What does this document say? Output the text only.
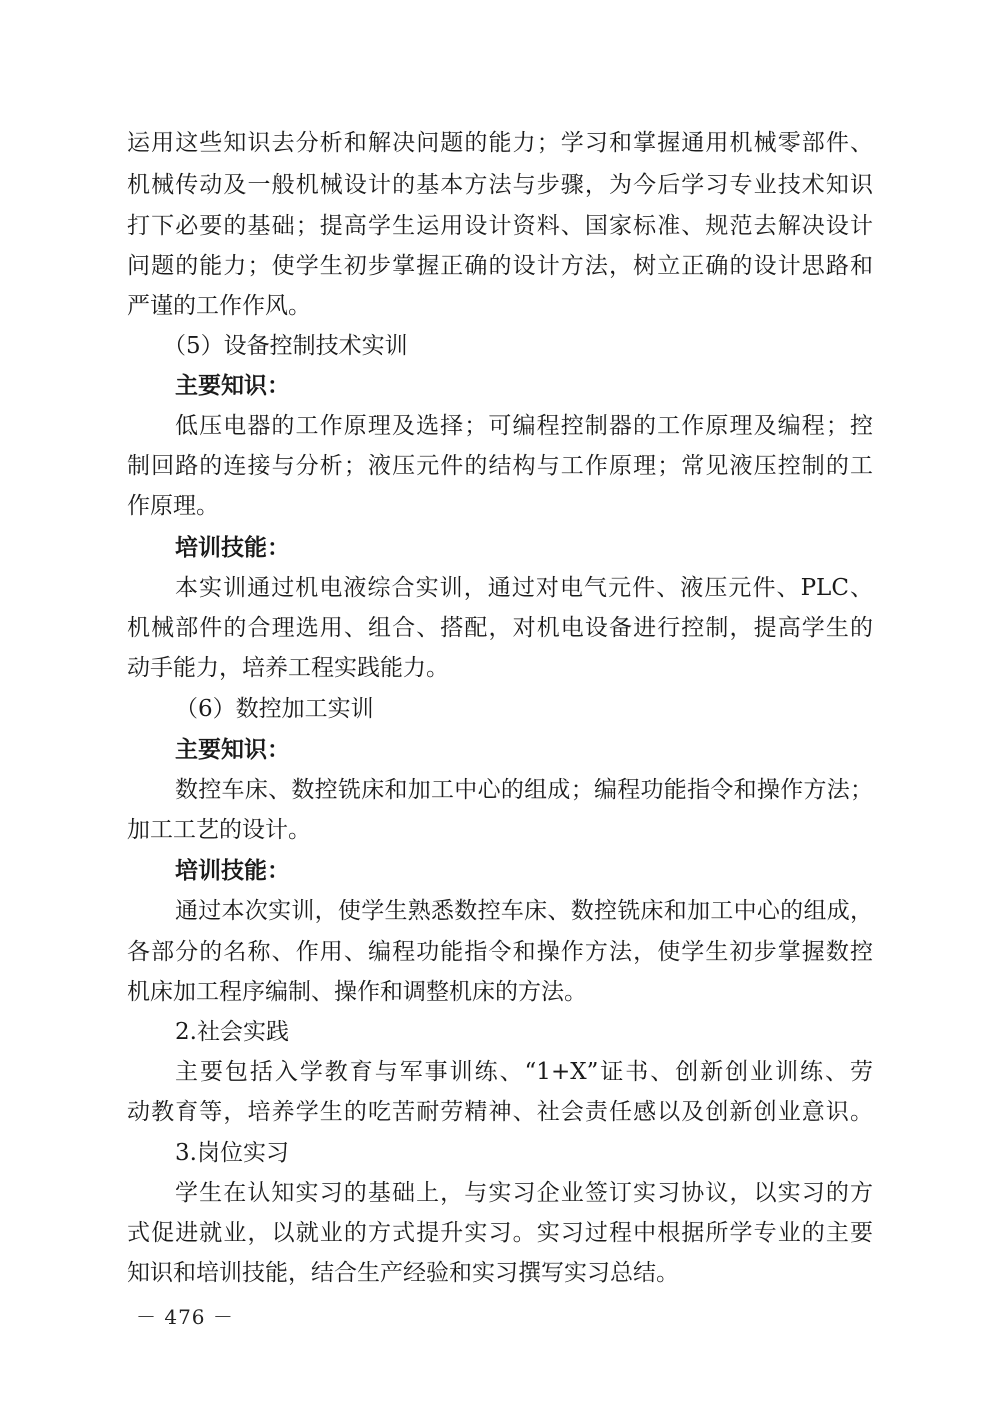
运用这些知识去分析和解决问题的能力；学习和掌握通用机械零部件、
机械传动及一般机械设计的基本方法与步骤，为今后学习专业技术知识
打下必要的基础；提高学生运用设计资料、国家标准、规范去解决设计
问题的能力；使学生初步掌握正确的设计方法，树立正确的设计思路和
严谨的工作作风。
（5）设备控制技术实训
主要知识：
低压电器的工作原理及选择；可编程控制器的工作原理及编程；控
制回路的连接与分析；液压元件的结构与工作原理；常见液压控制的工
作原理。
培训技能：
本实训通过机电液综合实训，通过对电气元件、液压元件、PLC、
机械部件的合理选用、组合、搭配，对机电设备进行控制，提高学生的
动手能力，培养工程实践能力。
（6）数控加工实训
主要知识：
数控车床、数控铣床和加工中心的组成；编程功能指令和操作方法；
加工工艺的设计。
培训技能：
通过本次实训，使学生熟悉数控车床、数控铣床和加工中心的组成，
各部分的名称、作用、编程功能指令和操作方法，使学生初步掌握数控
机床加工程序编制、操作和调整机床的方法。
2.社会实践
主要包括入学教育与军事训练、“1+X”证书、创新创业训练、劳
动教育等，培养学生的吃苦耐劳精神、社会责任感以及创新创业意识。
3.岗位实习
学生在认知实习的基础上，与实习企业签订实习协议，以实习的方
式促进就业，以就业的方式提升实习。实习过程中根据所学专业的主要
知识和培训技能，结合生产经验和实习撰写实习总结。
－ 476 －
